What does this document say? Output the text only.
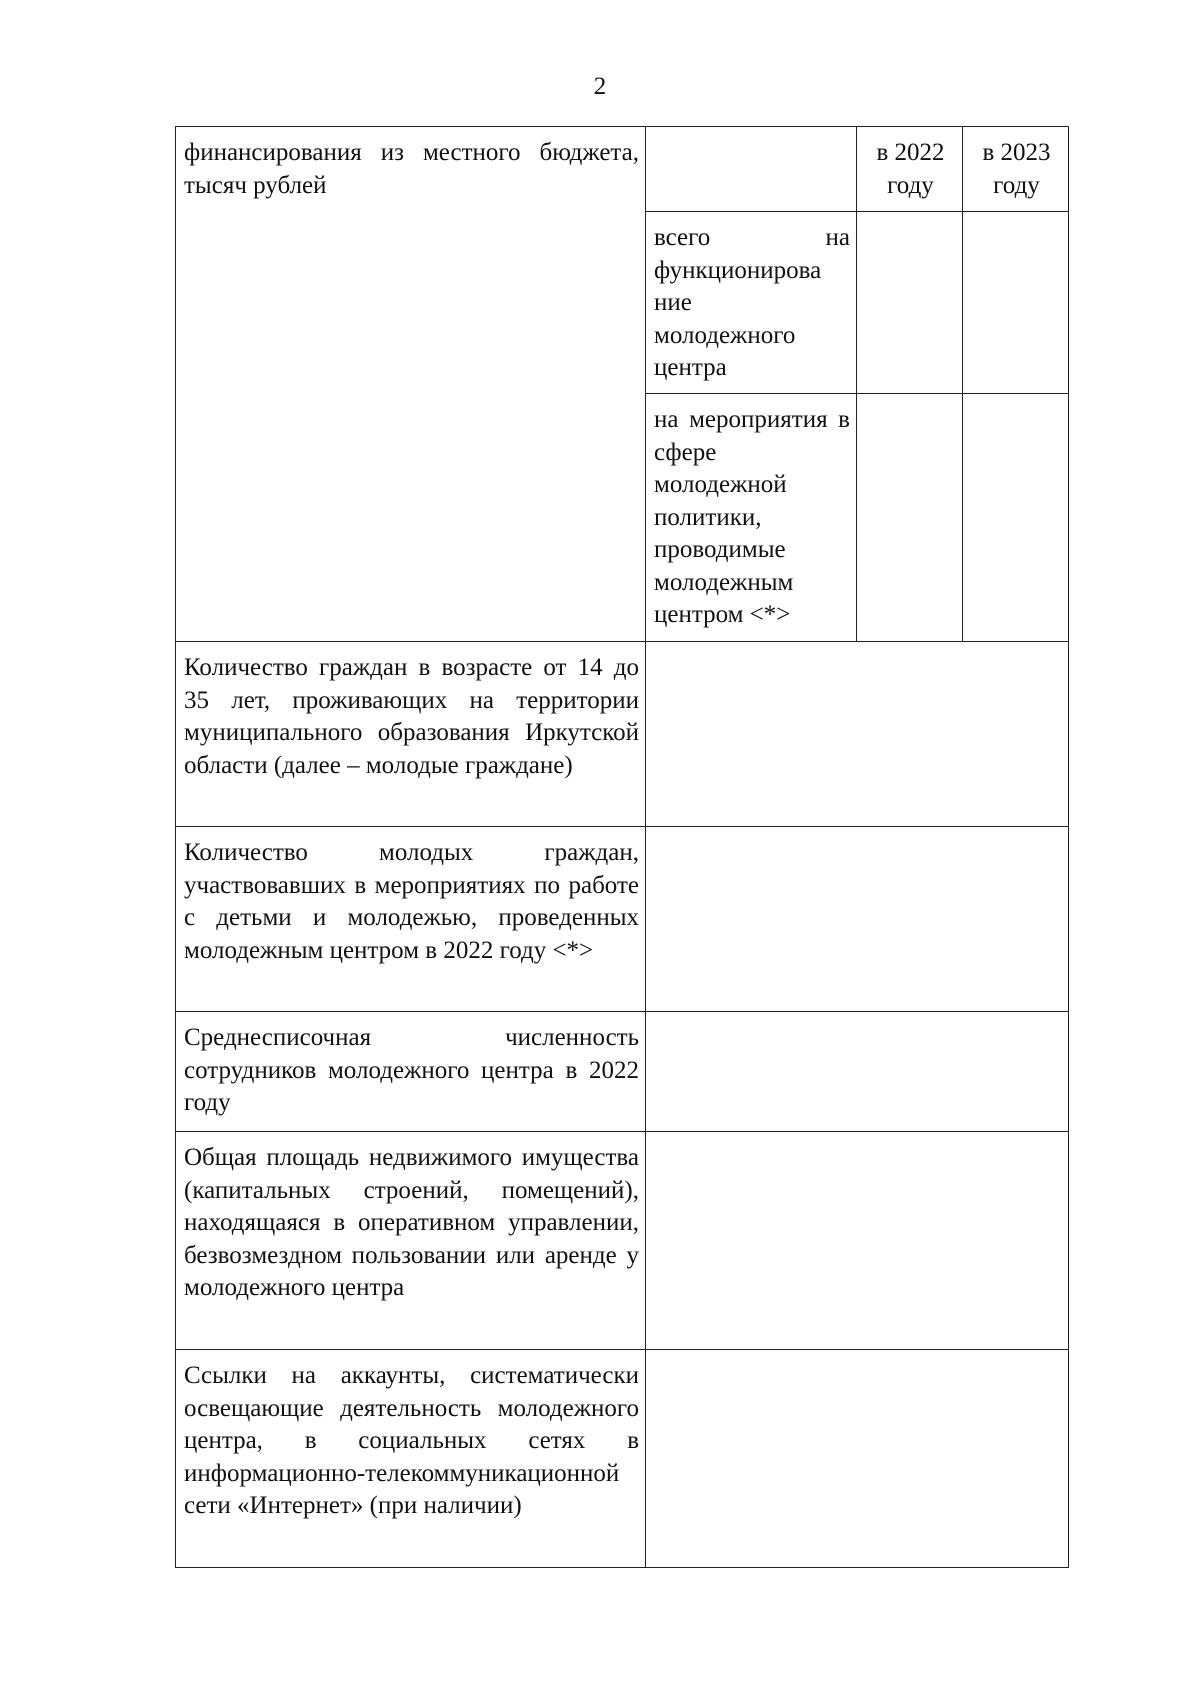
2
финансирования из местного бюджета, тысяч рублей		в 2022 году	в 2023 году

	всего на
функционирова
ние
молодежного
центра		

	на мероприятия в сфере молодежной политики, проводимые молодежным центром <*>		
Количество граждан в возрасте от 14 до 35 лет, проживающих на территории муниципального образования Иркутской области (далее – молодые граждане)			
Количество молодых граждан, участвовавших в мероприятиях по работе с детьми и молодежью, проведенных молодежным центром в 2022 году <*>			
Среднесписочная численность сотрудников молодежного центра в 2022 году			
Общая площадь недвижимого имущества (капитальных строений, помещений), находящаяся в оперативном управлении, безвозмездном пользовании или аренде у молодежного центра			
Ссылки на аккаунты, систематически освещающие деятельность молодежного центра, в социальных сетях в информационно-телекоммуникационной сети «Интернет» (при наличии)			
